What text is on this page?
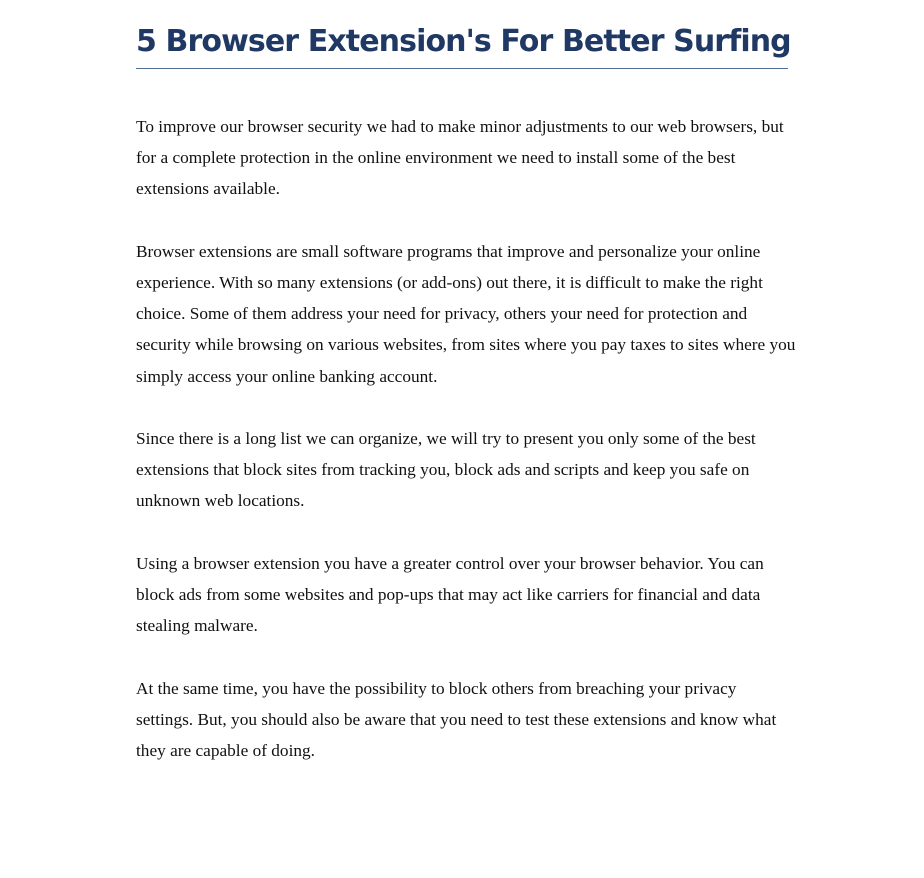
5 Browser Extension's For Better Surfing

To improve our browser security we had to make minor adjustments to our web browsers, but for a complete protection in the online environment we need to install some of the best extensions available.

Browser extensions are small software programs that improve and personalize your online experience. With so many extensions (or add-ons) out there, it is difficult to make the right choice. Some of them address your need for privacy, others your need for protection and security while browsing on various websites, from sites where you pay taxes to sites where you simply access your online banking account.

Since there is a long list we can organize, we will try to present you only some of the best extensions that block sites from tracking you, block ads and scripts and keep you safe on unknown web locations.

Using a browser extension you have a greater control over your browser behavior. You can block ads from some websites and pop-ups that may act like carriers for financial and data stealing malware.

At the same time, you have the possibility to block others from breaching your privacy settings. But, you should also be aware that you need to test these extensions and know what they are capable of doing.
